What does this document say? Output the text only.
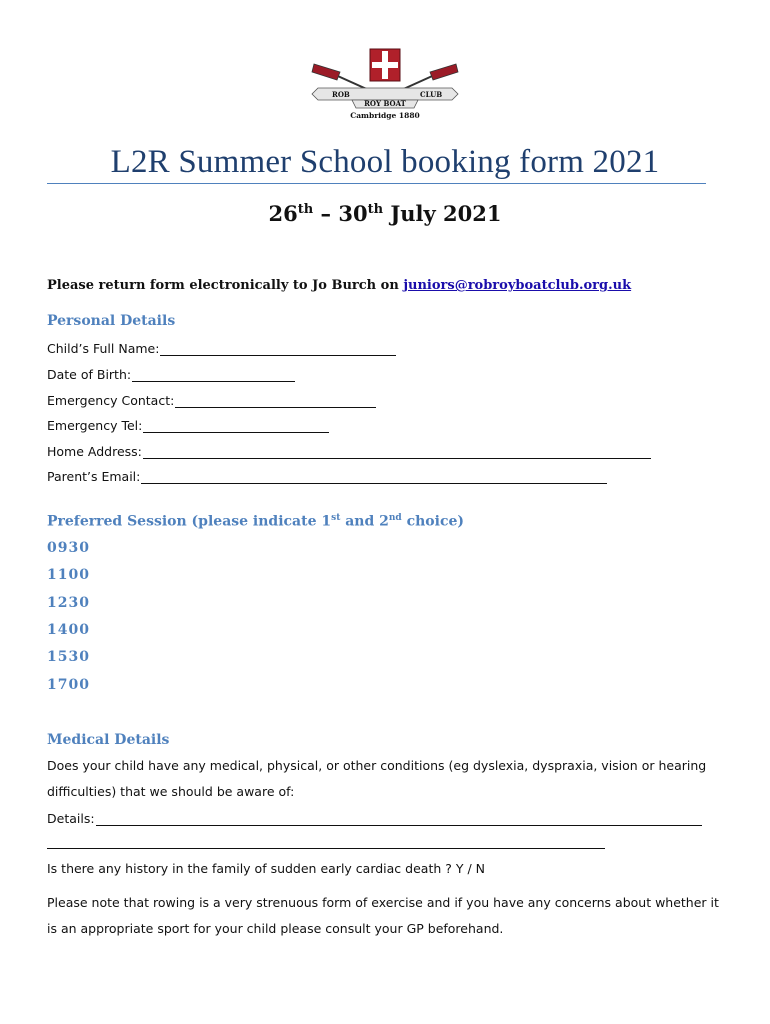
ROB	CLUB
ROY BOAT
Cambridge 1880
L2R Summer School booking form 2021
26th – 30th July 2021
Please return form electronically to Jo Burch on juniors@robroyboatclub.org.uk
Personal Details
Child’s Full Name:
Date of Birth:
Emergency Contact:
Emergency Tel:
Home Address:
Parent’s Email:
Preferred Session (please indicate 1st and 2nd choice)
0930
1100
1230
1400
1530
1700
Medical Details
Does your child have any medical, physical, or other conditions (eg dyslexia, dyspraxia, vision or hearing difficulties) that we should be aware of:
Details:
Is there any history in the family of sudden early cardiac death ? Y / N
Please note that rowing is a very strenuous form of exercise and if you have any concerns about whether it is an appropriate sport for your child please consult your GP beforehand.
